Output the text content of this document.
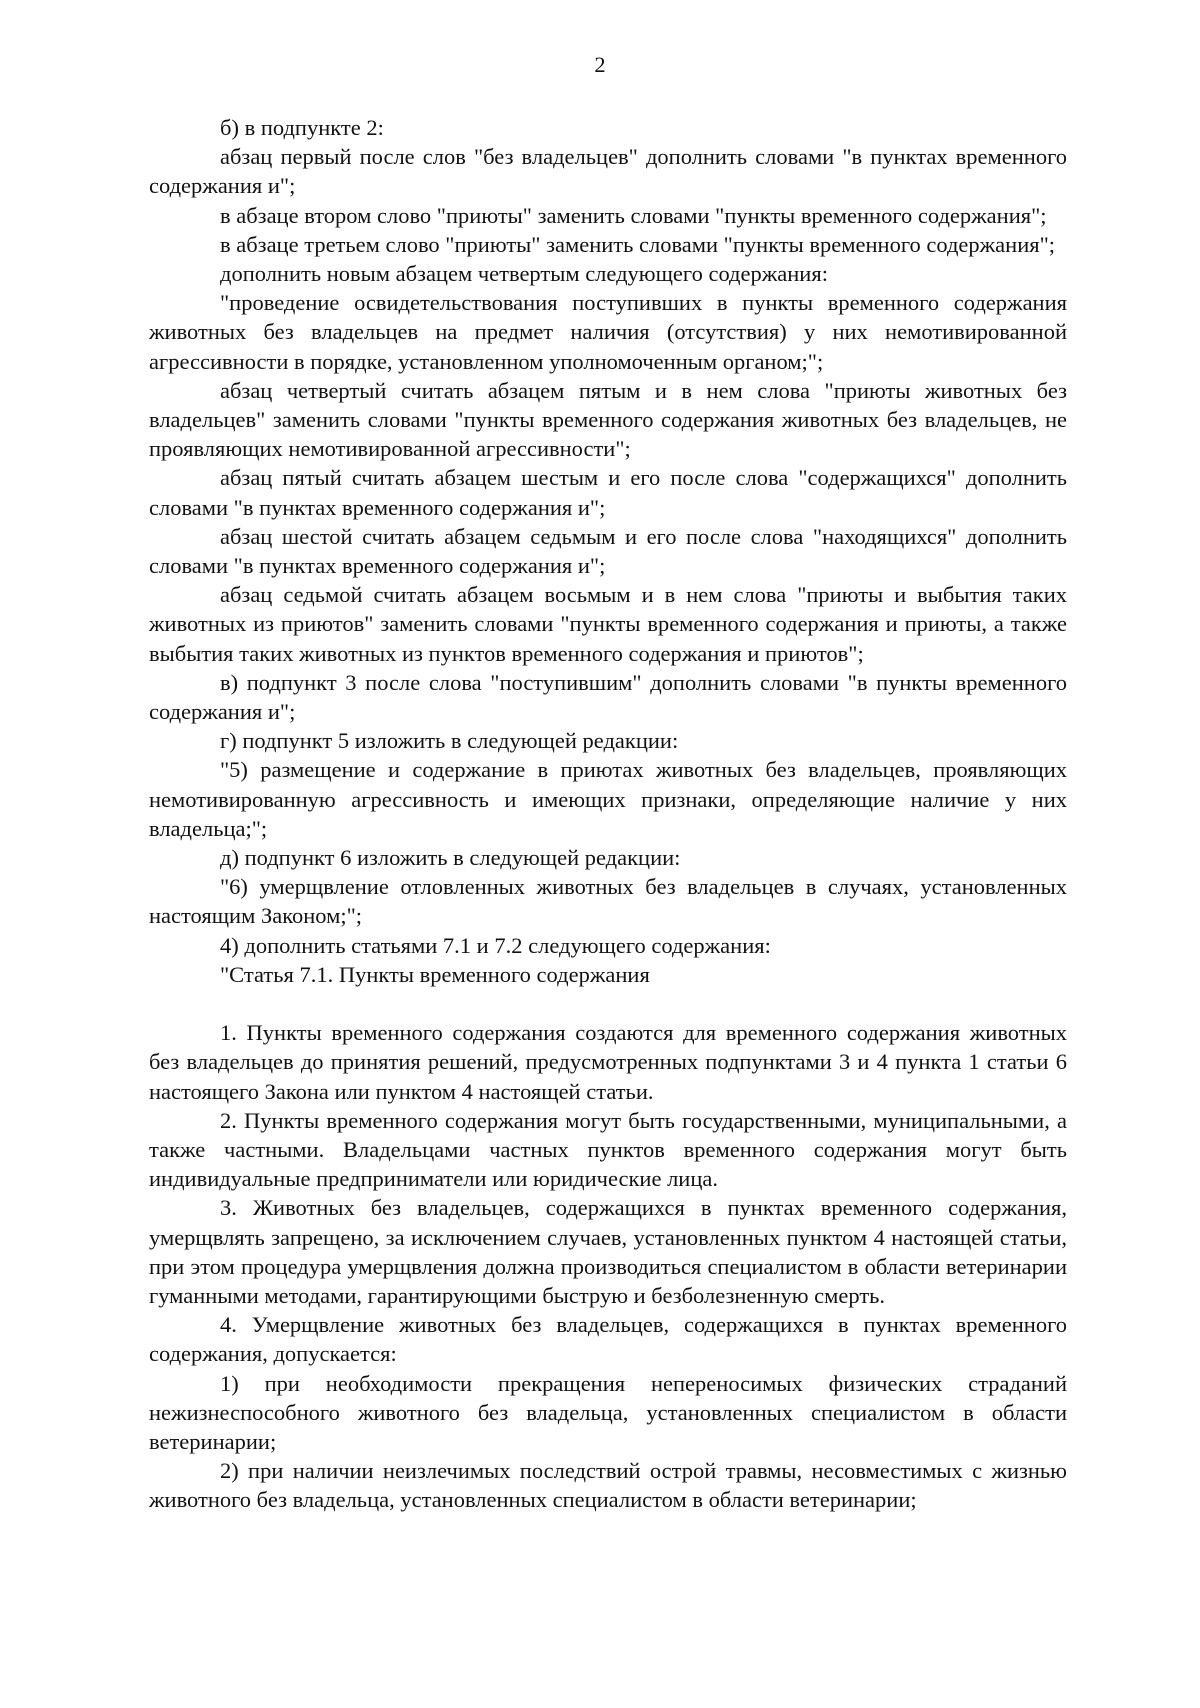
2

б) в подпункте 2:

абзац первый после слов "без владельцев" дополнить словами "в пунктах временного содержания и";

в абзаце втором слово "приюты" заменить словами "пункты временного содержания";

в абзаце третьем слово "приюты" заменить словами "пункты временного содержания";

дополнить новым абзацем четвертым следующего содержания:

"проведение освидетельствования поступивших в пункты временного содержания животных без владельцев на предмет наличия (отсутствия) у них немотивированной агрессивности в порядке, установленном уполномоченным органом;";

абзац четвертый считать абзацем пятым и в нем слова "приюты животных без владельцев" заменить словами "пункты временного содержания животных без владельцев, не проявляющих немотивированной агрессивности";

абзац пятый считать абзацем шестым и его после слова "содержащихся" дополнить словами "в пунктах временного содержания и";

абзац шестой считать абзацем седьмым и его после слова "находящихся" дополнить словами "в пунктах временного содержания и";

абзац седьмой считать абзацем восьмым и в нем слова "приюты и выбытия таких животных из приютов" заменить словами "пункты временного содержания и приюты, а также выбытия таких животных из пунктов временного содержания и приютов";

в) подпункт 3 после слова "поступившим" дополнить словами "в пункты временного содержания и";

г) подпункт 5 изложить в следующей редакции:

"5) размещение и содержание в приютах животных без владельцев, проявляющих немотивированную агрессивность и имеющих признаки, определяющие наличие у них владельца;";

д) подпункт 6 изложить в следующей редакции:

"6) умерщвление отловленных животных без владельцев в случаях, установленных настоящим Законом;";

4) дополнить статьями 7.1 и 7.2 следующего содержания:

"Статья 7.1. Пункты временного содержания

1. Пункты временного содержания создаются для временного содержания животных без владельцев до принятия решений, предусмотренных подпунктами 3 и 4 пункта 1 статьи 6 настоящего Закона или пунктом 4 настоящей статьи.

2. Пункты временного содержания могут быть государственными, муниципальными, а также частными. Владельцами частных пунктов временного содержания могут быть индивидуальные предприниматели или юридические лица.

3. Животных без владельцев, содержащихся в пунктах временного содержания, умерщвлять запрещено, за исключением случаев, установленных пунктом 4 настоящей статьи, при этом процедура умерщвления должна производиться специалистом в области ветеринарии гуманными методами, гарантирующими быструю и безболезненную смерть.

4. Умерщвление животных без владельцев, содержащихся в пунктах временного содержания, допускается:

1) при необходимости прекращения непереносимых физических страданий нежизнеспособного животного без владельца, установленных специалистом в области ветеринарии;

2) при наличии неизлечимых последствий острой травмы, несовместимых с жизнью животного без владельца, установленных специалистом в области ветеринарии;
